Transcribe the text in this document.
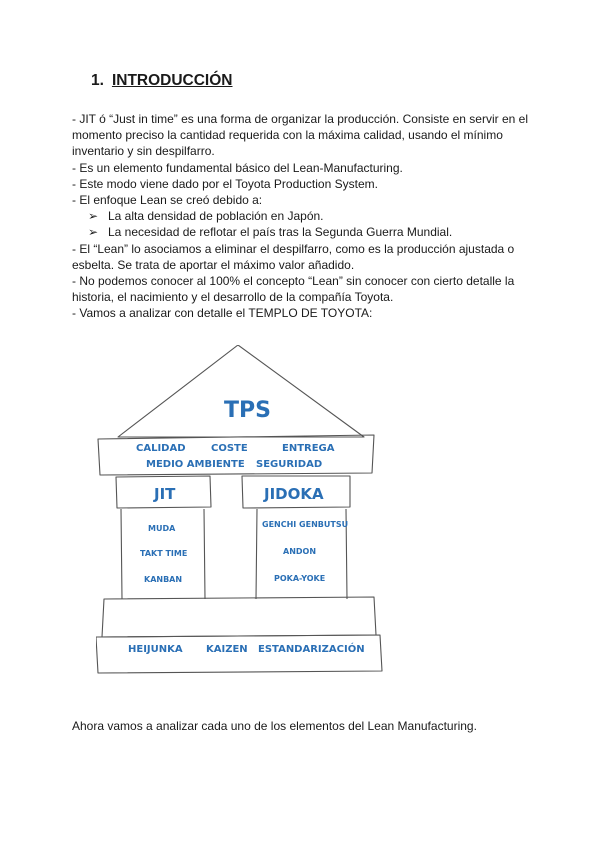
1. INTRODUCCIÓN

- JIT ó “Just in time” es una forma de organizar la producción. Consiste en servir en el momento preciso la cantidad requerida con la máxima calidad, usando el mínimo inventario y sin despilfarro.

- Es un elemento fundamental básico del Lean-Manufacturing.

- Este modo viene dado por el Toyota Production System.

- El enfoque Lean se creó debido a:

➢ La alta densidad de población en Japón.

➢ La necesidad de reflotar el país tras la Segunda Guerra Mundial.

- El “Lean” lo asociamos a eliminar el despilfarro, como es la producción ajustada o esbelta. Se trata de aportar el máximo valor añadido.

- No podemos conocer al 100% el concepto “Lean” sin conocer con cierto detalle la historia, el nacimiento y el desarrollo de la compañía Toyota.

- Vamos a analizar con detalle el TEMPLO DE TOYOTA:

TPS
CALIDAD	COSTE	ENTREGA
MEDIO AMBIENTE SEGURIDAD
JIT	JIDOKA
MUDA
TAKT TIME
KANBAN
GENCHI GENBUTSU
ANDON
POKA-YOKE
HEIJUNKA KAIZEN ESTANDARIZACIÓN
Ahora vamos a analizar cada uno de los elementos del Lean Manufacturing.
